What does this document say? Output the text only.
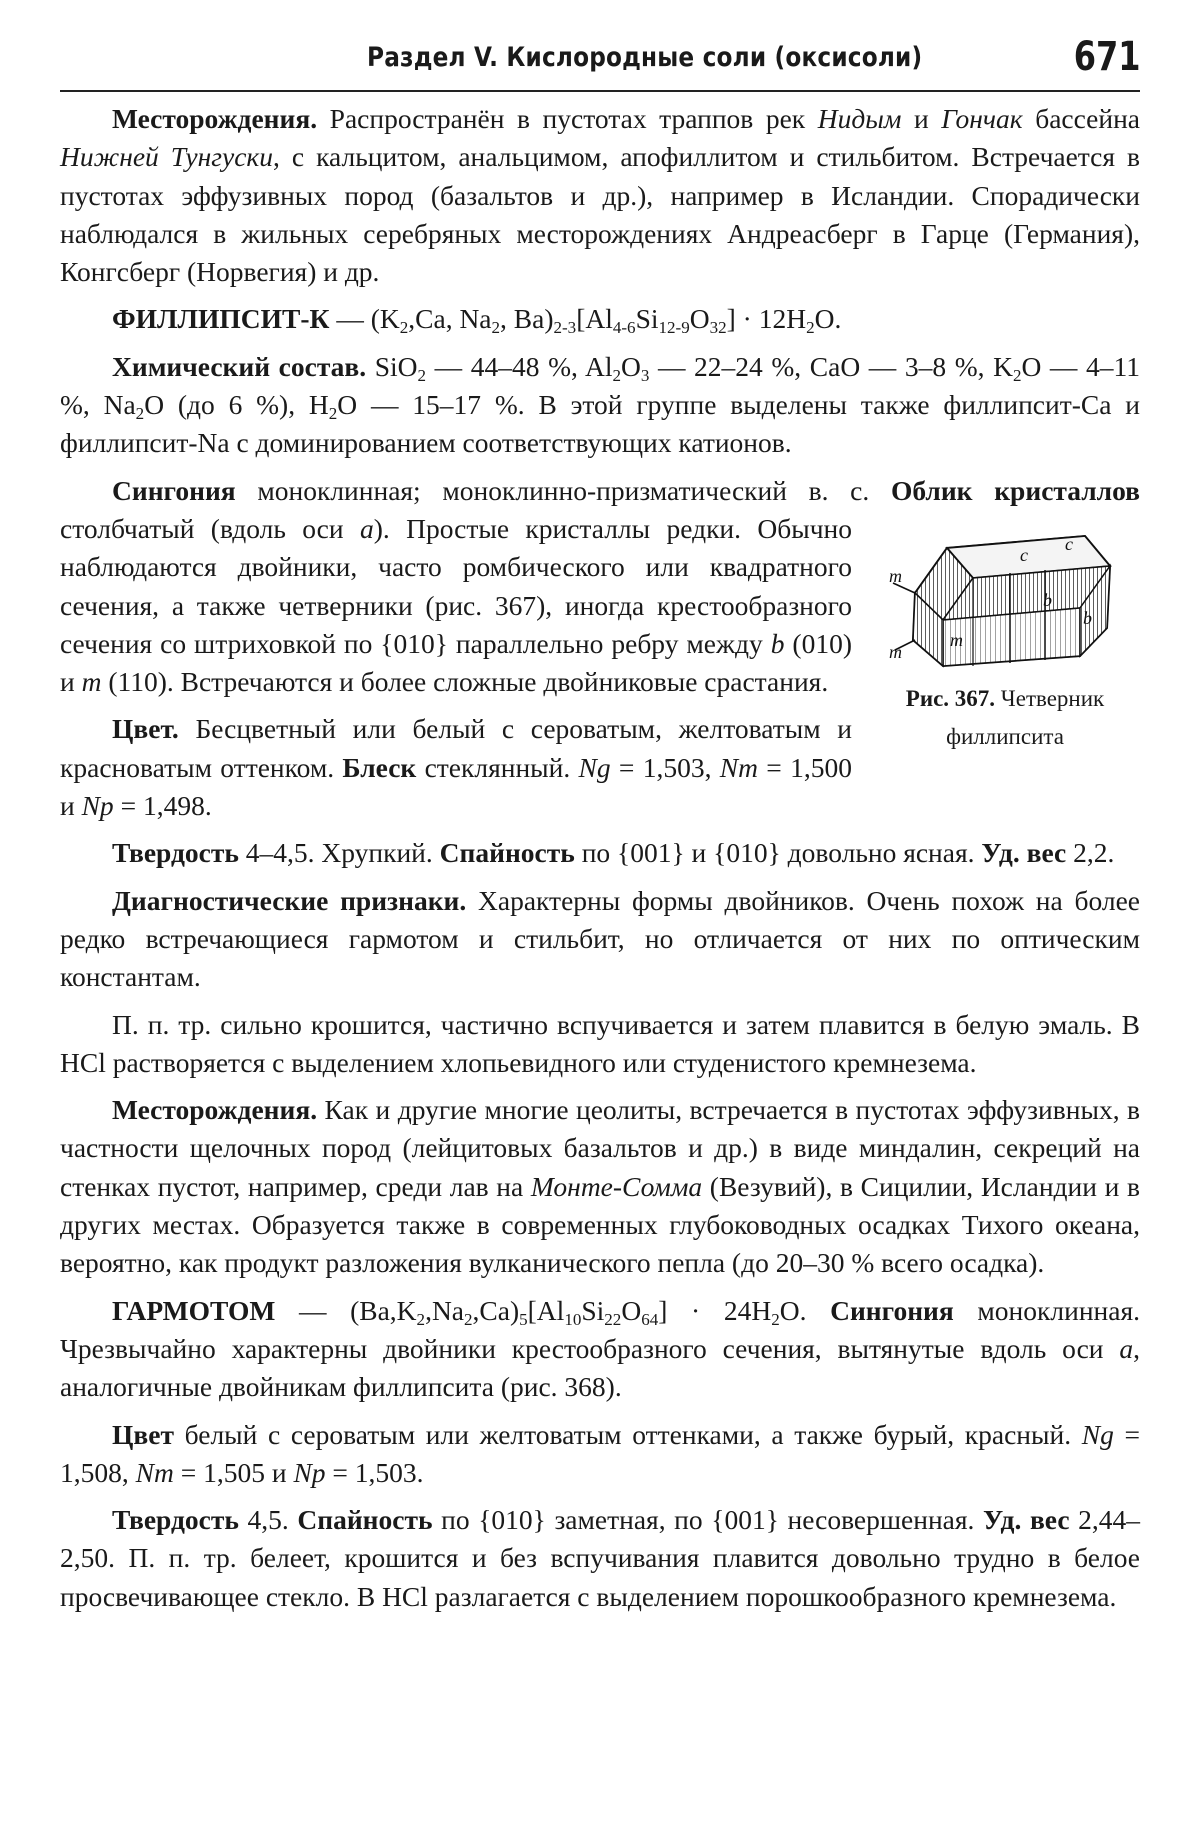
Раздел V. Кислородные соли (оксисоли)	671

Месторождения. Распространён в пустотах траппов рек Нидым и Гончак бассейна Нижней Тунгуски, с кальцитом, анальцимом, апофиллитом и стильбитом. Встречается в пустотах эффузивных пород (базальтов и др.), например в Исландии. Спорадически наблюдался в жильных серебряных месторождениях Андреасберг в Гарце (Германия), Конгсберг (Норвегия) и др.

ФИЛЛИПСИТ-К — ($K_2,Ca$, $Na_2$, $Ba)_{2-3}[Al_{4-6}Si_{12-9}O_{32}] \cdot 12H_2O$.

Химический состав. SiO$_2$ — 44–48 %, $Al_2O_3$ — 22–24 %, CaO — 3–8 %, $K_2O$ — 4–11 %, $Na_2O$ (до 6 %), $H_2O$ — 15–17 %. В этой группе выделены также филлипсит-Ca и филлипсит-Na с доминированием соответствующих катионов.

Сингония моноклинная; моноклинно-призматический в. с. Облик кристаллов
c
m
b
m
b
c
m
Рис. 367. Четверник филлипсита
столбчатый (вдоль оси a). Простые кристаллы редки. Обычно наблюдаются двойники, часто ромбического или квадратного сечения, а также четверники (рис. 367), иногда крестообразного сечения со штриховкой по {010} параллельно ребру между b (010) и m (110). Встречаются и более сложные двойниковые срастания.

Цвет. Бесцветный или белый с сероватым, желтоватым и красноватым оттенком. Блеск стеклянный. Ng = 1,503, Nm = 1,500 и Np = 1,498.

Твердость 4–4,5. Хрупкий. Спайность по {001} и {010} довольно ясная. Уд. вес 2,2.

Диагностические признаки. Характерны формы двойников. Очень похож на более редко встречающиеся гармотом и стильбит, но отличается от них по оптическим константам.

П. п. тр. сильно крошится, частично вспучивается и затем плавится в белую эмаль. В HCl растворяется с выделением хлопьевидного или студенистого кремнезема.

Месторождения. Как и другие многие цеолиты, встречается в пустотах эффузивных, в частности щелочных пород (лейцитовых базальтов и др.) в виде миндалин, секреций на стенках пустот, например, среди лав на Монте-Сомма (Везувий), в Сицилии, Исландии и в других местах. Образуется также в современных глубоководных осадках Тихого океана, вероятно, как продукт разложения вулканического пепла (до 20–30 % всего осадка).

ГАРМОТОМ — $(Ba,K_2,Na_2,Ca)_5[Al_{10}Si_{22}O_{64}] \cdot 24H_2O$. Сингония моноклинная. Чрезвычайно характерны двойники крестообразного сечения, вытянутые вдоль оси a, аналогичные двойникам филлипсита (рис. 368).

Цвет белый с сероватым или желтоватым оттенками, а также бурый, красный. Ng = 1,508, Nm = 1,505 и Np = 1,503.

Твердость 4,5. Спайность по {010} заметная, по {001} несовершенная. Уд. вес 2,44–2,50. П. п. тр. белеет, крошится и без вспучивания плавится довольно трудно в белое просвечивающее стекло. В HCl разлагается с выделением порошкообразного кремнезема.
